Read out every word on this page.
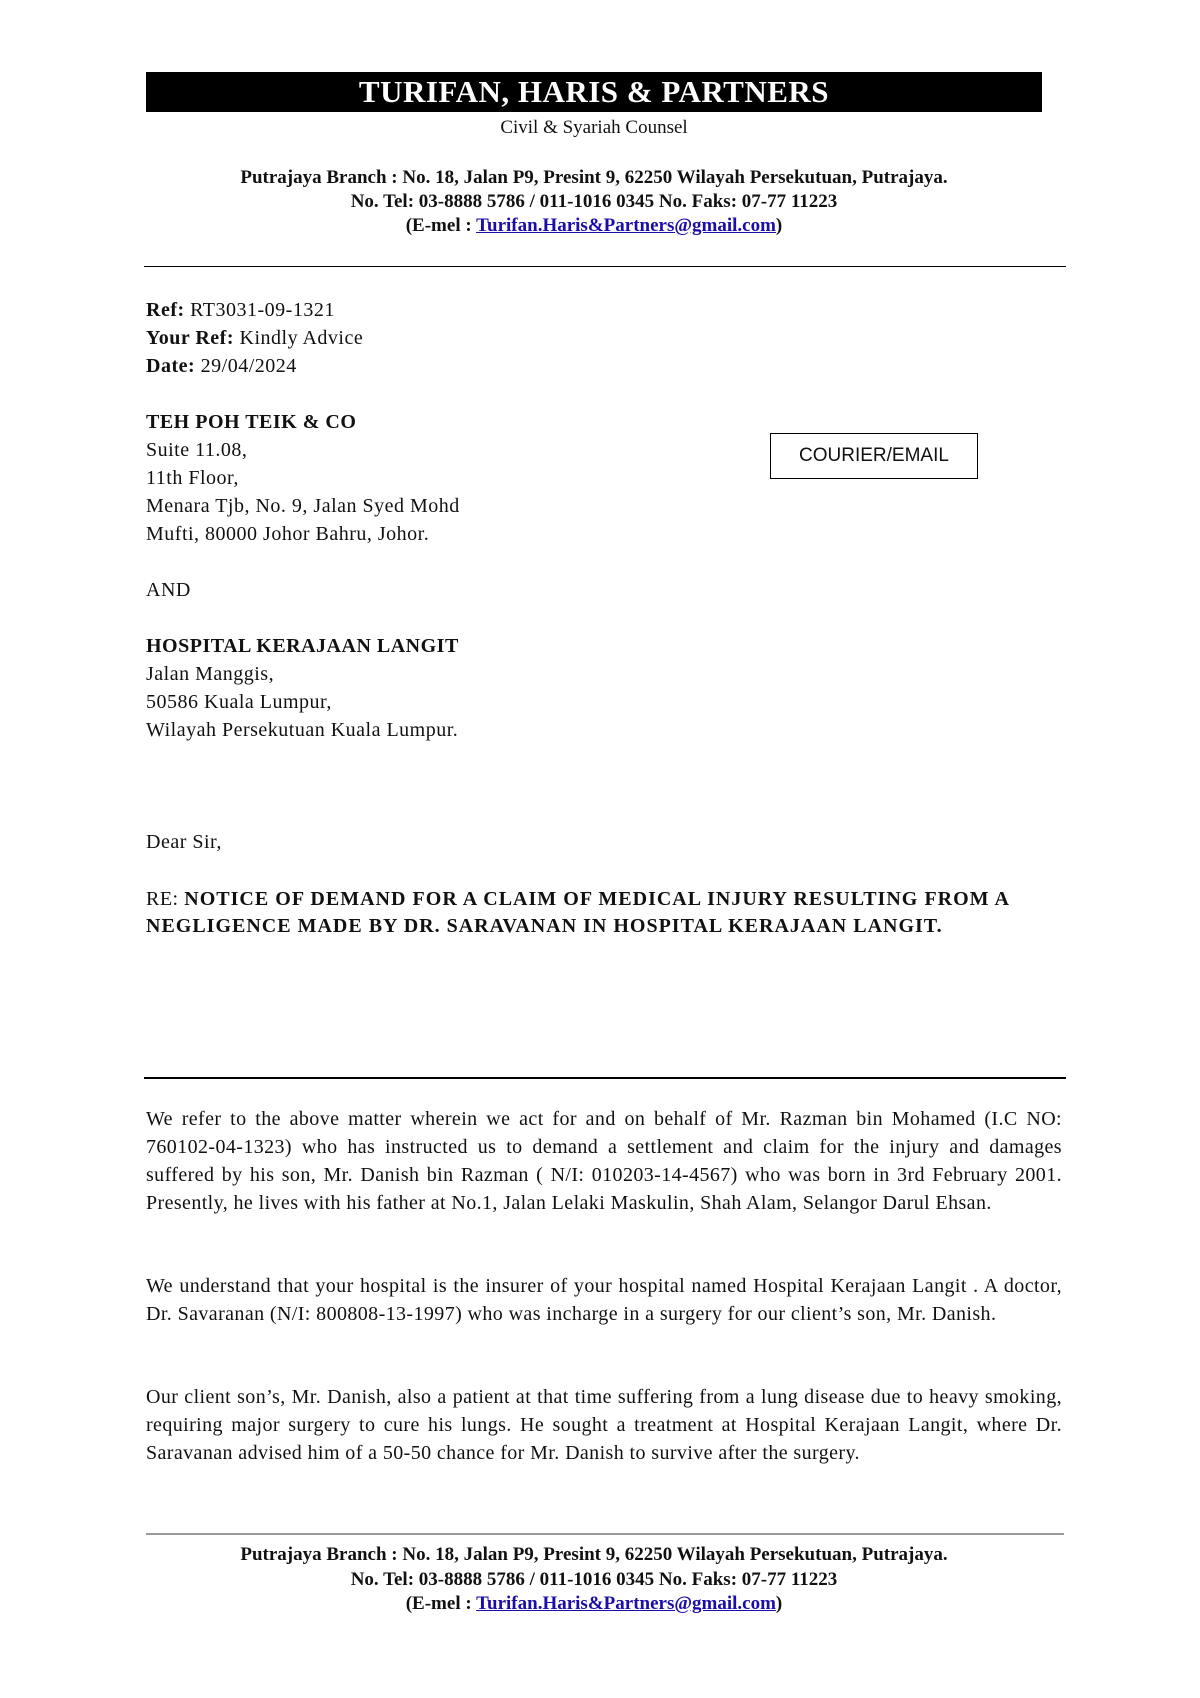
TURIFAN, HARIS & PARTNERS
Civil & Syariah Counsel
Putrajaya Branch : No. 18, Jalan P9, Presint 9, 62250 Wilayah Persekutuan, Putrajaya.
No. Tel: 03-8888 5786 / 011-1016 0345 No. Faks: 07-77 11223
(E-mel : Turifan.Haris&Partners@gmail.com)
Ref: RT3031-09-1321
Your Ref: Kindly Advice
Date: 29/04/2024
TEH POH TEIK & CO
Suite 11.08,
11th Floor,
Menara Tjb, No. 9, Jalan Syed Mohd
Mufti, 80000 Johor Bahru, Johor.
COURIER/EMAIL
AND
HOSPITAL KERAJAAN LANGIT
Jalan Manggis,
50586 Kuala Lumpur,
Wilayah Persekutuan Kuala Lumpur.
Dear Sir,
RE: NOTICE OF DEMAND FOR A CLAIM OF MEDICAL INJURY RESULTING FROM A NEGLIGENCE MADE BY DR. SARAVANAN IN HOSPITAL KERAJAAN LANGIT.
We refer to the above matter wherein we act for and on behalf of Mr. Razman bin Mohamed (I.C NO: 760102-04-1323) who has instructed us to demand a settlement and claim for the injury and damages suffered by his son, Mr. Danish bin Razman ( N/I: 010203-14-4567) who was born in 3rd February 2001. Presently, he lives with his father at No.1, Jalan Lelaki Maskulin, Shah Alam, Selangor Darul Ehsan.
We understand that your hospital is the insurer of your hospital named Hospital Kerajaan Langit . A doctor, Dr. Savaranan (N/I: 800808-13-1997) who was incharge in a surgery for our client’s son, Mr. Danish.
Our client son’s, Mr. Danish, also a patient at that time suffering from a lung disease due to heavy smoking, requiring major surgery to cure his lungs. He sought a treatment at Hospital Kerajaan Langit, where Dr. Saravanan advised him of a 50-50 chance for Mr. Danish to survive after the surgery.
Putrajaya Branch : No. 18, Jalan P9, Presint 9, 62250 Wilayah Persekutuan, Putrajaya.
No. Tel: 03-8888 5786 / 011-1016 0345 No. Faks: 07-77 11223
(E-mel : Turifan.Haris&Partners@gmail.com)
